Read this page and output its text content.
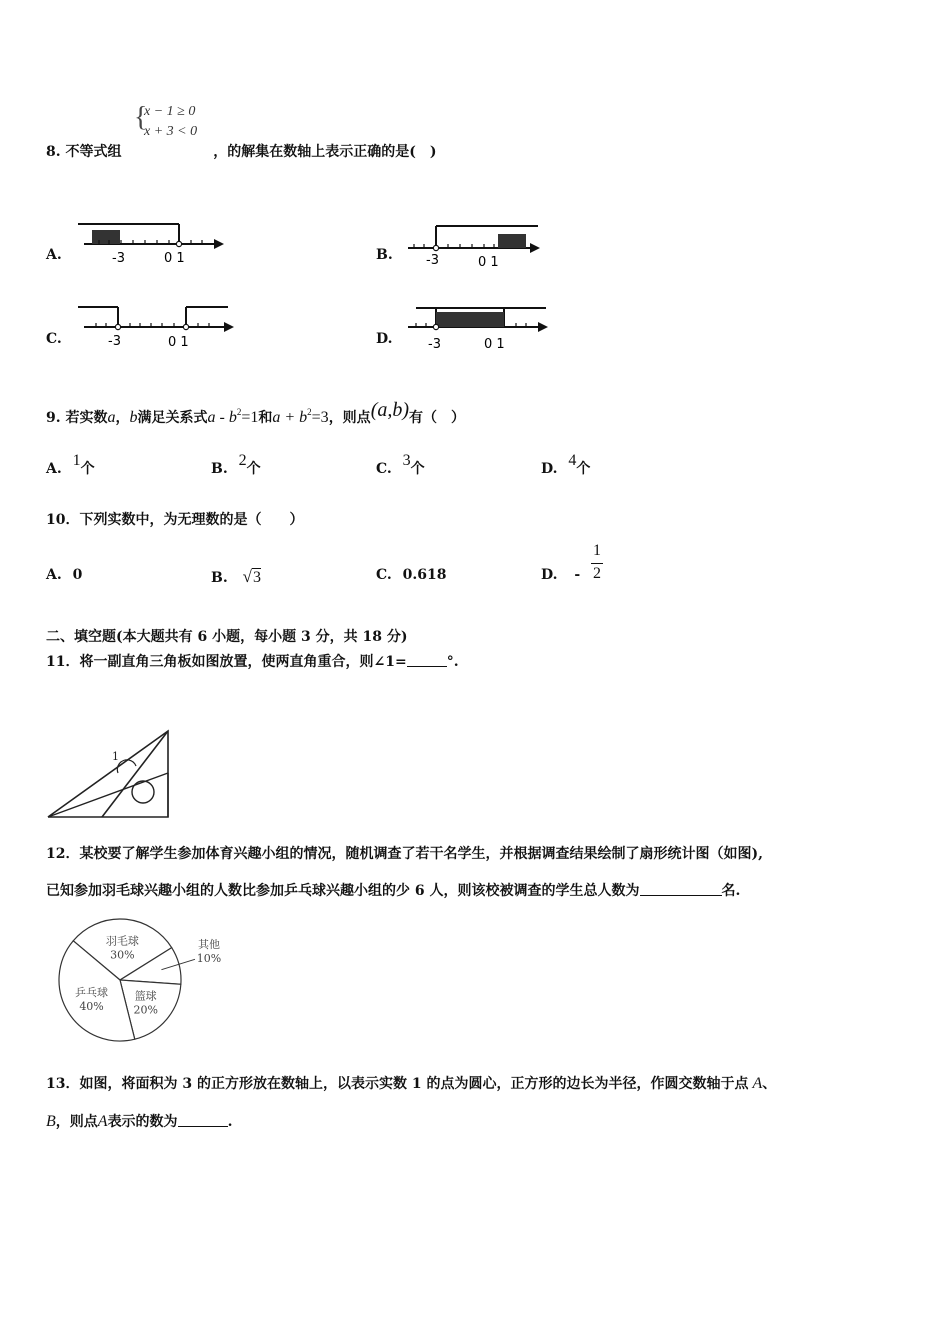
{
x − 1 ≥ 0
x + 3 < 0
8. 不等式组	，的解集在数轴上表示正确的是(　)
A.	-3	0 1	B.	-3	0 1
C.	-3	0 1	D.	-3	0 1
9. 若实数a，b满足关系式$a - b^2=1$和$a + b^2=3$，则点(a,b)有（　）
A. 1个	B. 2个	C. 3个	D. 4个
10．下列实数中，为无理数的是（　　）
A. 0	B. √3	C. 0.618	D. -
1
2
二、填空题(本大题共有 6 小题，每小题 3 分，共 18 分)
11．将一副直角三角板如图放置，使两直角重合，则∠1=	°.
1
12．某校要了解学生参加体育兴趣小组的情况，随机调查了若干名学生，并根据调查结果绘制了扇形统计图（如图),
已知参加羽毛球兴趣小组的人数比参加乒乓球兴趣小组的少 6 人，则该校被调查的学生总人数为	名.
羽毛球
30%
其他
10%
篮球
20%
乒乓球
40%
13．如图，将面积为 3 的正方形放在数轴上，以表示实数 1 的点为圆心，正方形的边长为半径，作圆交数轴于点 A、
B，则点A表示的数为	.
